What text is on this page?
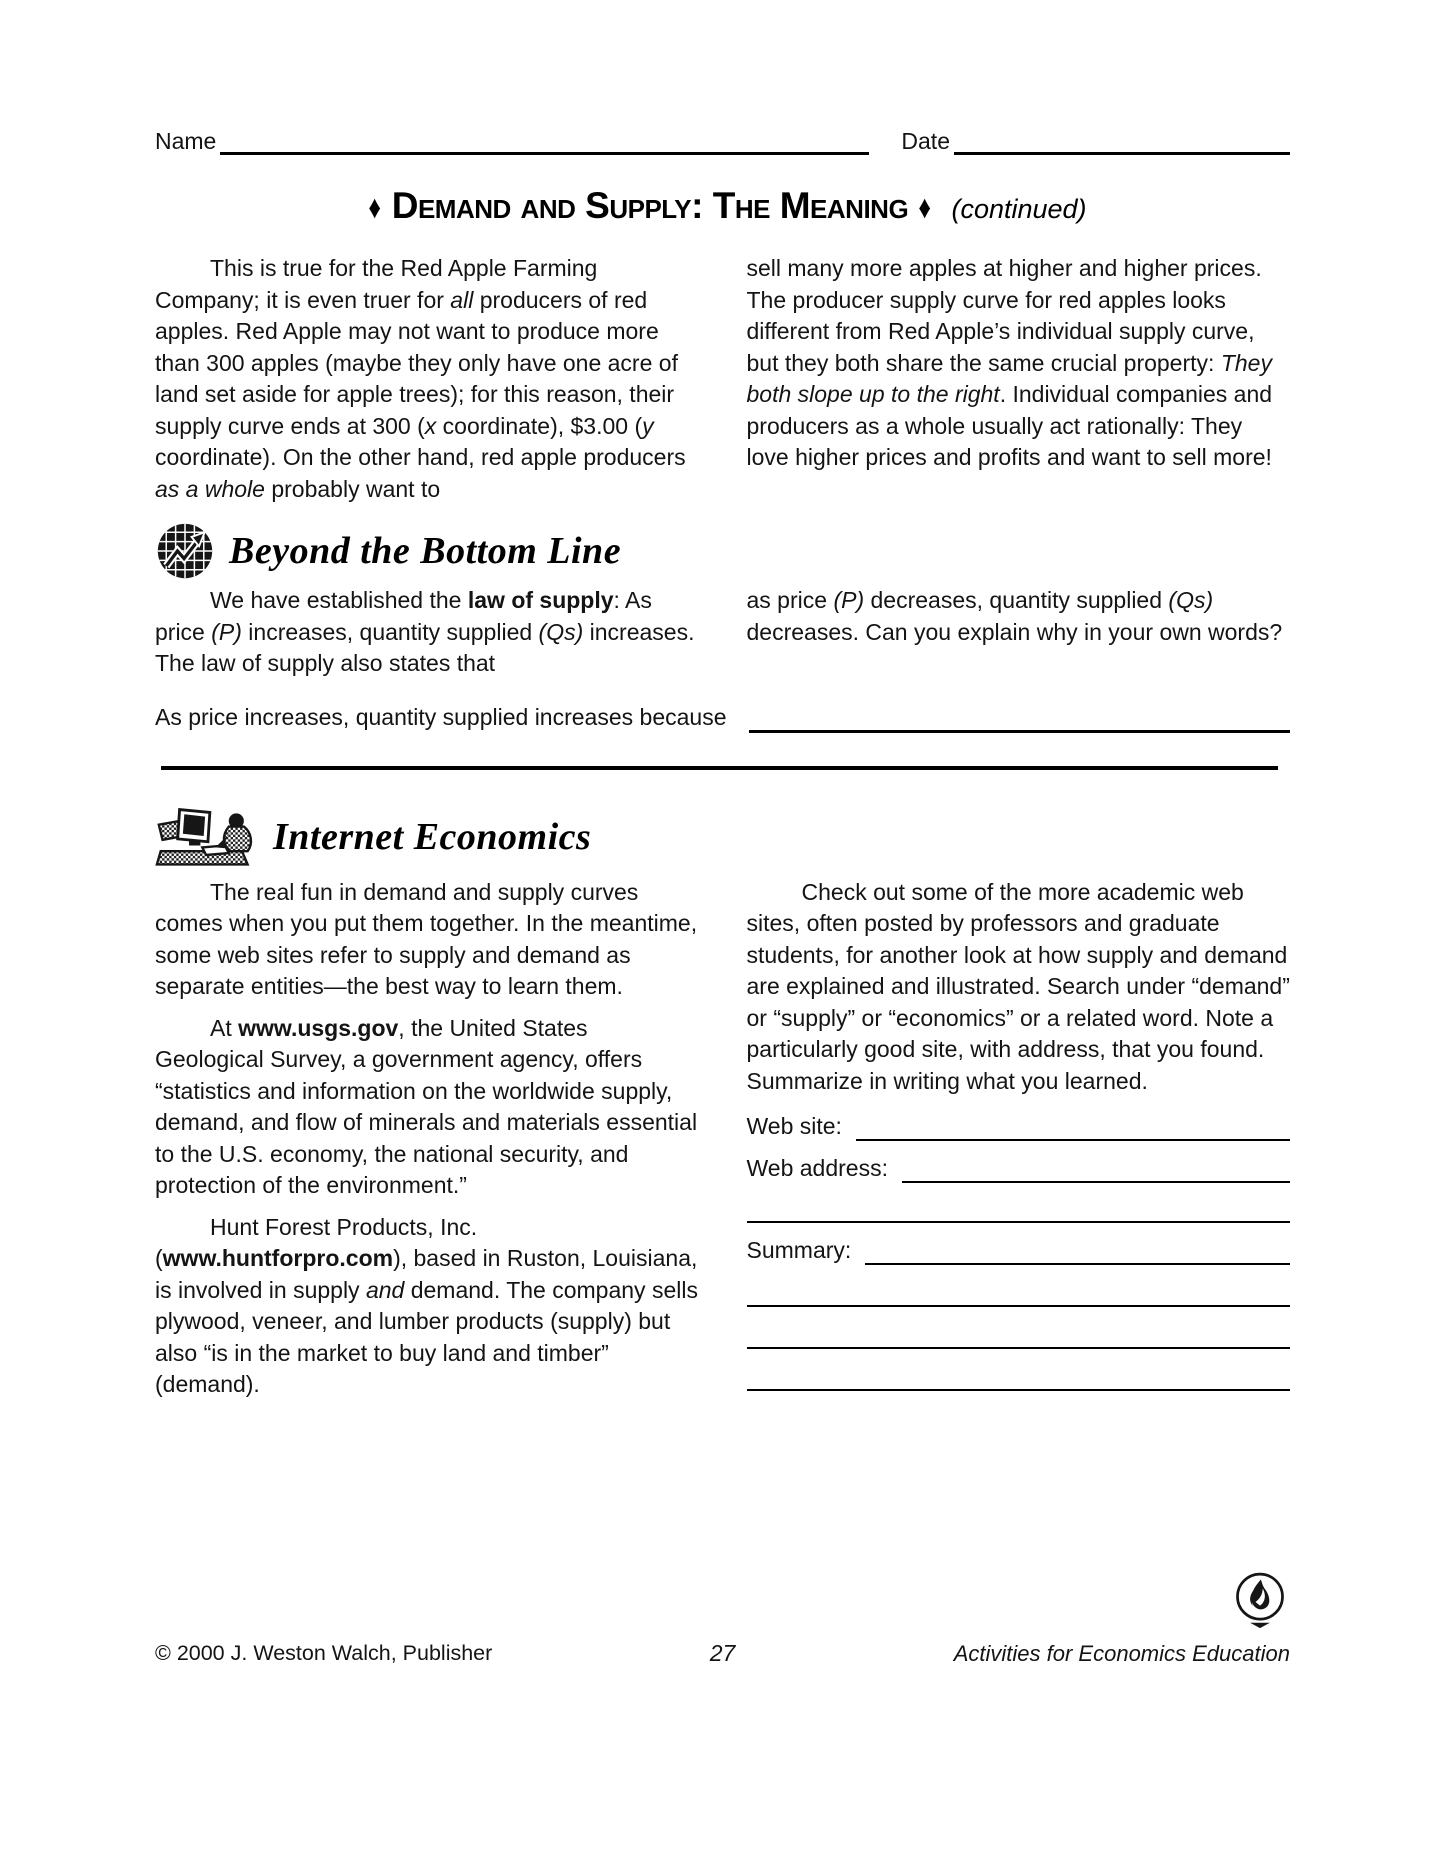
Name	Date
♦ Demand and Supply: The Meaning ♦ (continued)

This is true for the Red Apple Farming Company; it is even truer for all producers of red apples. Red Apple may not want to produce more than 300 apples (maybe they only have one acre of land set aside for apple trees); for this reason, their supply curve ends at 300 (x coordinate), $3.00 (y coordinate). On the other hand, red apple producers as a whole probably want to

sell many more apples at higher and higher prices. The producer supply curve for red apples looks different from Red Apple’s individual supply curve, but they both share the same crucial property: They both slope up to the right. Individual companies and producers as a whole usually act rationally: They love higher prices and profits and want to sell more!

Beyond the Bottom Line

We have established the law of supply: As price (P) increases, quantity supplied (Qs) increases. The law of supply also states that

as price (P) decreases, quantity supplied (Qs) decreases. Can you explain why in your own words?

As price increases, quantity supplied increases because
Internet Economics

The real fun in demand and supply curves comes when you put them together. In the meantime, some web sites refer to supply and demand as separate entities—the best way to learn them.

At www.usgs.gov, the United States Geological Survey, a government agency, offers “statistics and information on the worldwide supply, demand, and flow of minerals and materials essential to the U.S. economy, the national security, and protection of the environment.”

Hunt Forest Products, Inc. (www.huntforpro.com), based in Ruston, Louisiana, is involved in supply and demand. The company sells plywood, veneer, and lumber products (supply) but also “is in the market to buy land and timber” (demand).

Check out some of the more academic web sites, often posted by professors and graduate students, for another look at how supply and demand are explained and illustrated. Search under “demand” or “supply” or “economics” or a related word. Note a particularly good site, with address, that you found. Summarize in writing what you learned.

Web site:
Web address:
Summary:
© 2000 J. Weston Walch, Publisher	27	Activities for Economics Education
